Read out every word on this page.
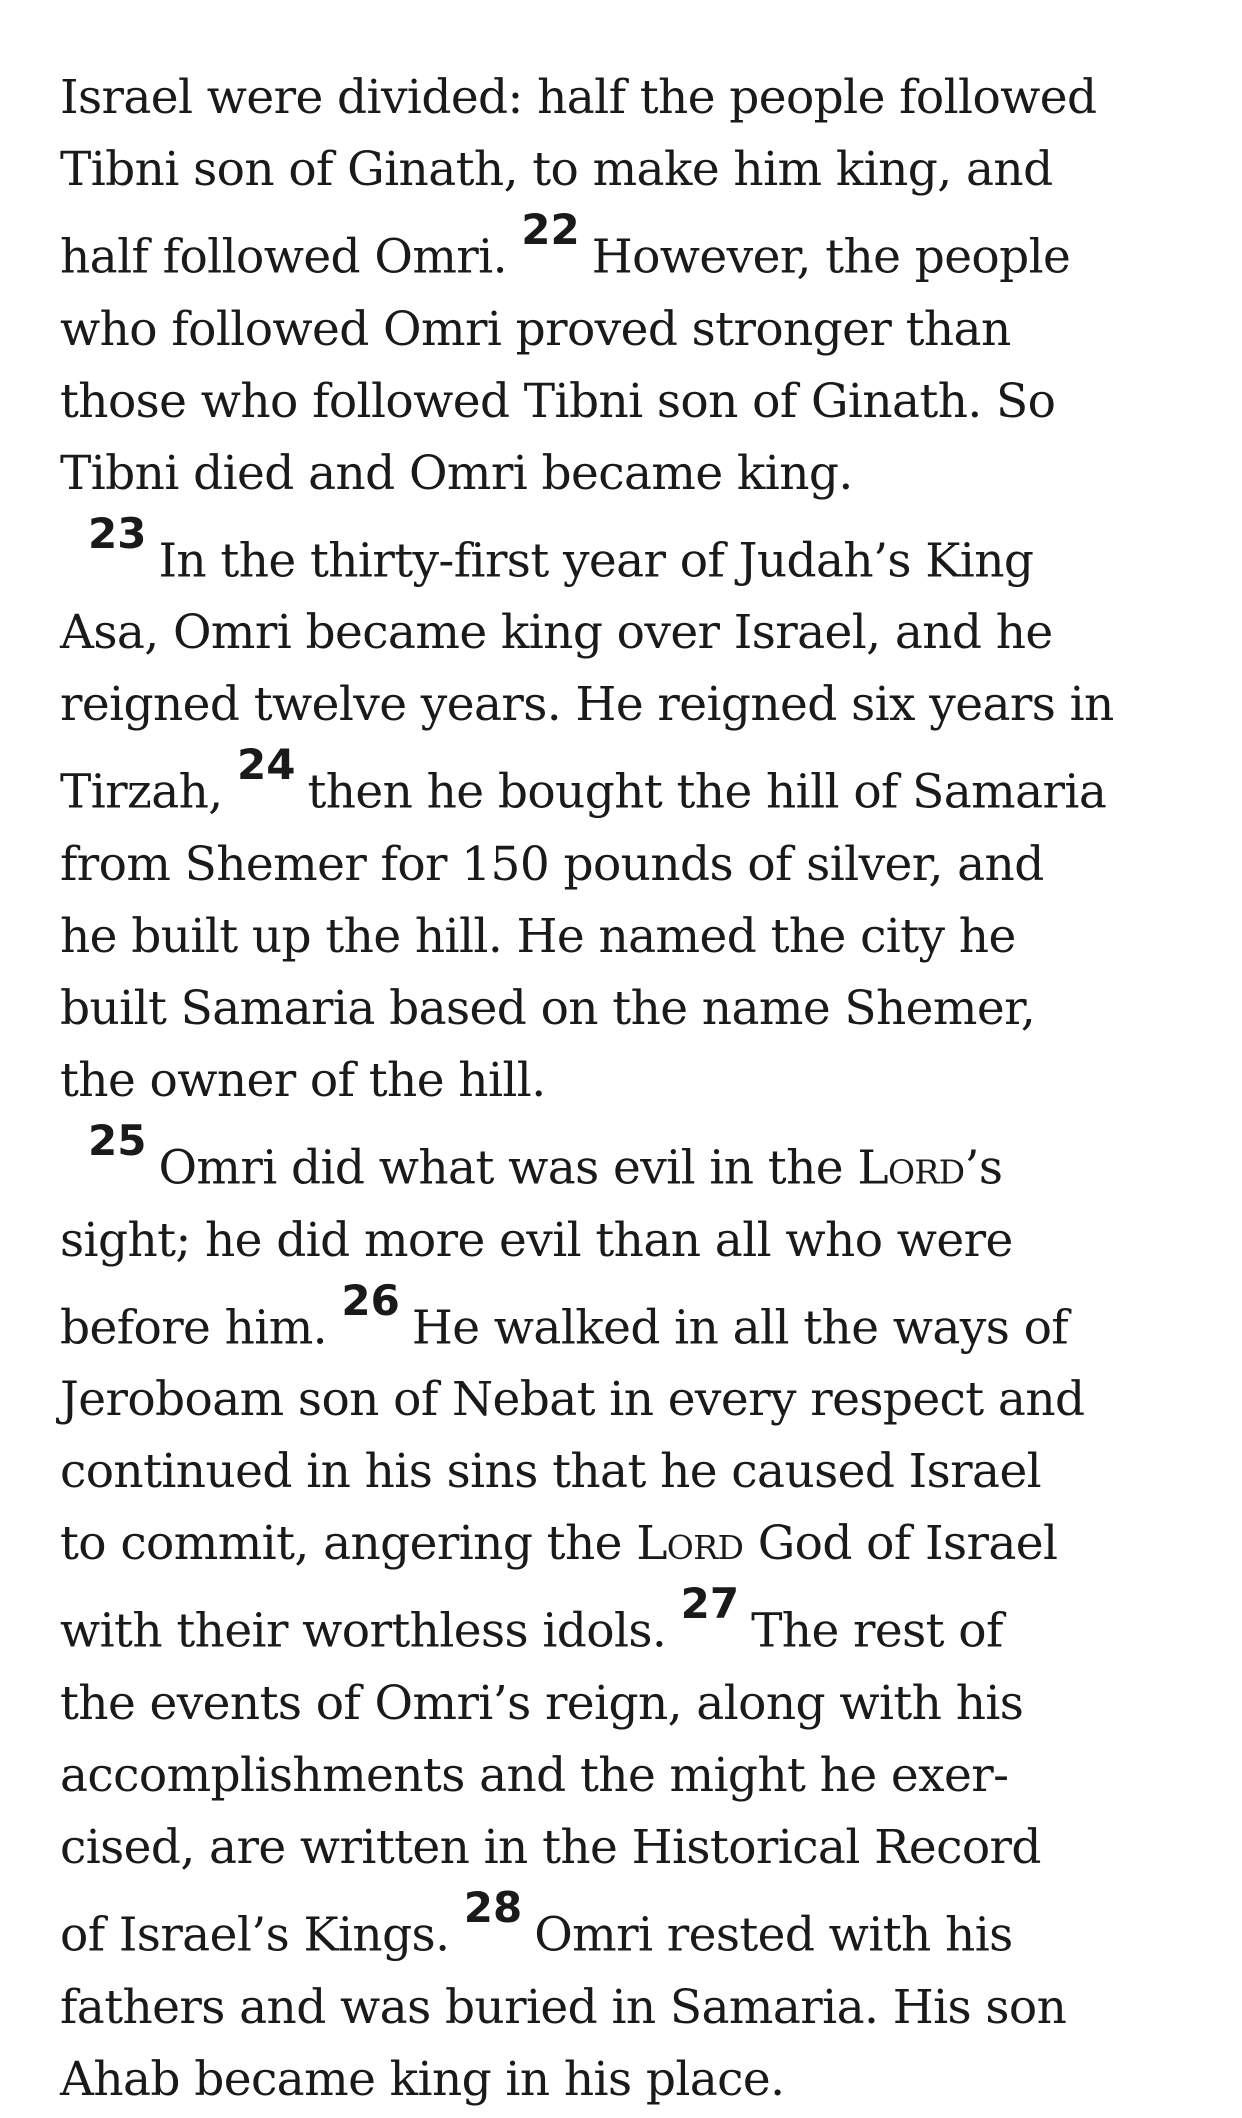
Israel were divided: half the people followed
Tibni son of Ginath, to make him king, and
half followed Omri. $^{22}$However, the people
who followed Omri proved stronger than
those who followed Tibni son of Ginath. So
Tibni died and Omri became king.

$^{23}$In the thirty-first year of Judah’s King
Asa, Omri became king over Israel, and he
reigned twelve years. He reigned six years in
Tirzah, $^{24}$then he bought the hill of Samaria
from Shemer for 150 pounds of silver, and
he built up the hill. He named the city he
built Samaria based on the name Shemer,
the owner of the hill.

$^{25}$Omri did what was evil in the Lord’s
sight; he did more evil than all who were
before him. $^{26}$He walked in all the ways of
Jeroboam son of Nebat in every respect and
continued in his sins that he caused Israel
to commit, angering the Lord God of Israel
with their worthless idols. $^{27}$The rest of
the events of Omri’s reign, along with his
accomplishments and the might he exer-
cised, are written in the Historical Record
of Israel’s Kings. $^{28}$Omri rested with his
fathers and was buried in Samaria. His son
Ahab became king in his place.
